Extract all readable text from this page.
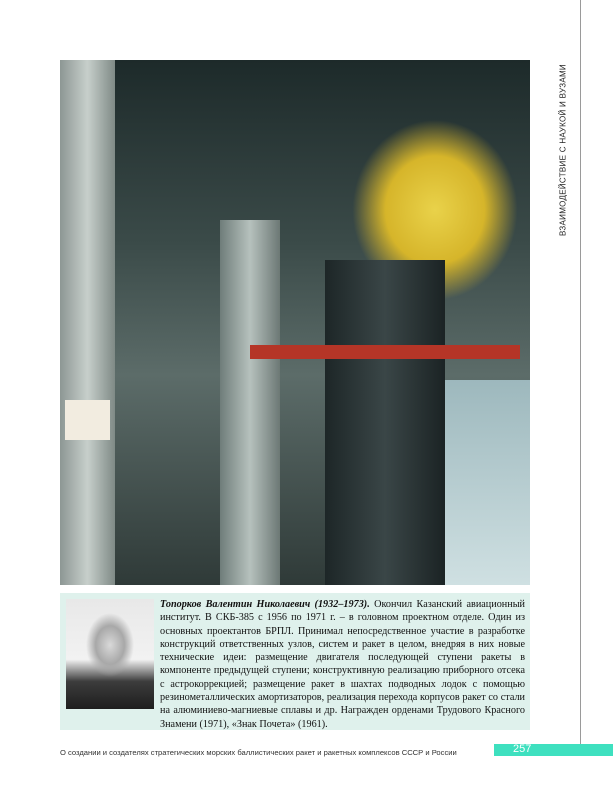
ВЗАИМОДЕЙСТВИЕ С НАУКОЙ И ВУЗАМИ

Топорков Валентин Николаевич (1932–1973). Окончил Казанский авиационный институт. В СКБ-385 с 1956 по 1971 г. – в головном проектном отделе. Один из основных проектантов БРПЛ. Принимал непосредственное участие в разработке конструкций ответственных узлов, систем и ракет в целом, внедряя в них новые технические идеи: размещение двигателя последующей ступени ракеты в компоненте предыдущей ступени; конструктивную реализацию приборного отсека с астрокоррекцией; размещение ракет в шахтах подводных лодок с помощью резинометаллических амортизаторов, реализация перехода корпусов ракет со стали на алюминиево-магниевые сплавы и др. Награжден орденами Трудового Красного Знамени (1971), «Знак Почета» (1961).

О создании и создателях стратегических морских баллистических ракет и ракетных комплексов СССР и России	257
